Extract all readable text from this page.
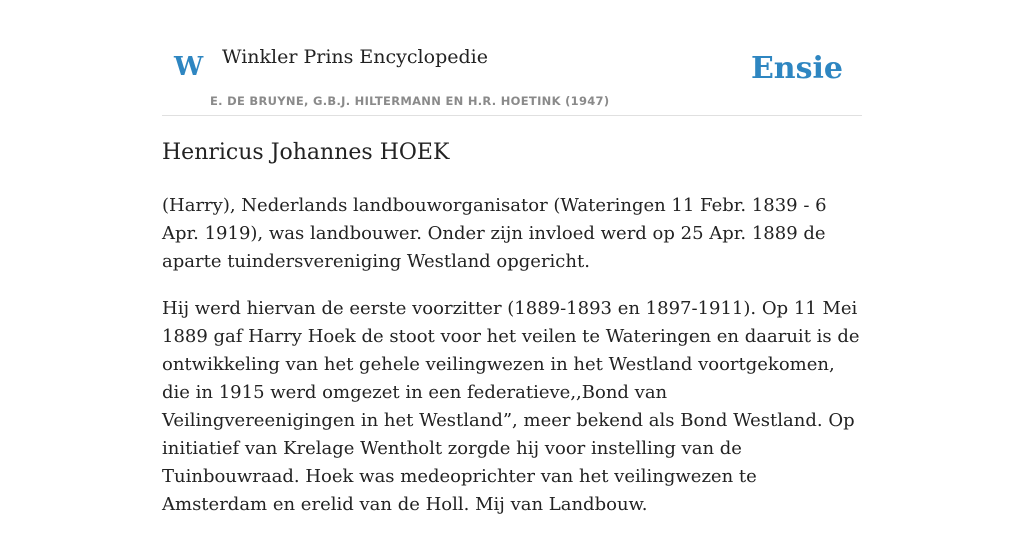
W Winkler Prins Encyclopedie
E. DE BRUYNE, G.B.J. HILTERMANN EN H.R. HOETINK (1947)
Ensie
Henricus Johannes HOEK

(Harry), Nederlands landbouworganisator (Wateringen 11 Febr. 1839 - 6 Apr. 1919), was landbouwer. Onder zijn invloed werd op 25 Apr. 1889 de aparte tuindersvereniging Westland opgericht.

Hij werd hiervan de eerste voorzitter (1889-1893 en 1897-1911). Op 11 Mei 1889 gaf Harry Hoek de stoot voor het veilen te Wateringen en daaruit is de ontwikkeling van het gehele veilingwezen in het Westland voortgekomen, die in 1915 werd omgezet in een federatieve,,Bond van Veilingvereenigingen in het Westland”, meer bekend als Bond Westland. Op initiatief van Krelage Wentholt zorgde hij voor instelling van de Tuinbouwraad. Hoek was medeoprichter van het veilingwezen te Amsterdam en erelid van de Holl. Mij van Landbouw.
